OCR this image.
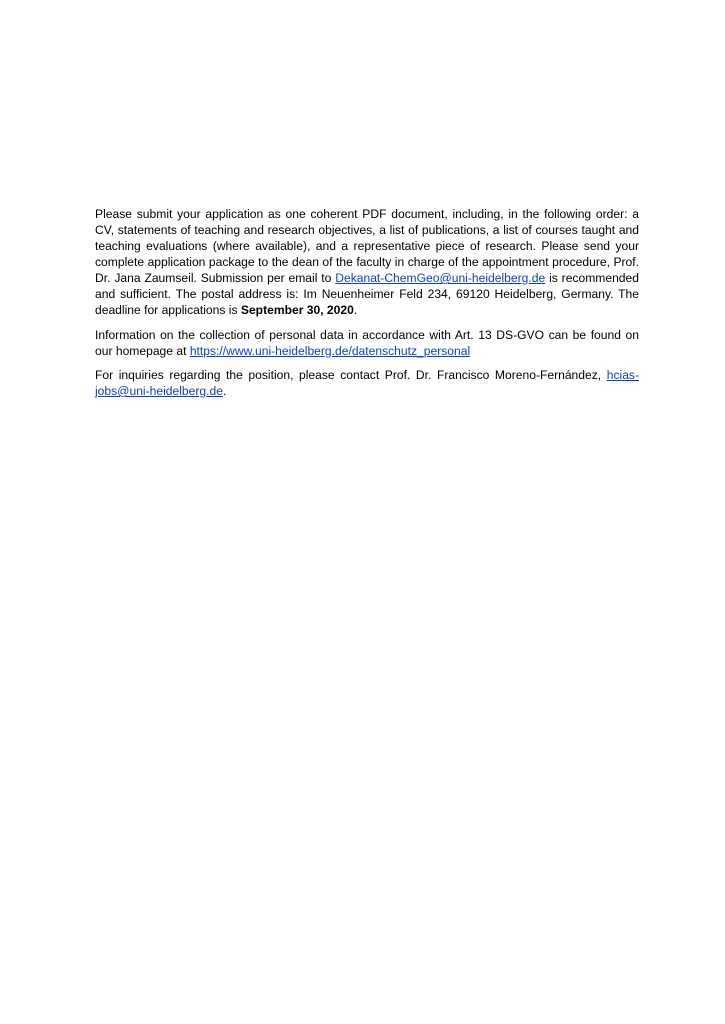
Please submit your application as one coherent PDF document, including, in the following order: a CV, statements of teaching and research objectives, a list of publications, a list of courses taught and teaching evaluations (where available), and a representative piece of research. Please send your complete application package to the dean of the faculty in charge of the appointment procedure, Prof. Dr. Jana Zaumseil. Submission per email to Dekanat-ChemGeo@uni-heidelberg.de is recommended and sufficient. The postal address is: Im Neuenheimer Feld 234, 69120 Heidelberg, Germany. The deadline for applications is September 30, 2020.

Information on the collection of personal data in accordance with Art. 13 DS-GVO can be found on our homepage at https://www.uni-heidelberg.de/datenschutz_personal

For inquiries regarding the position, please contact Prof. Dr. Francisco Moreno-Fernández, hcias-jobs@uni-heidelberg.de.
